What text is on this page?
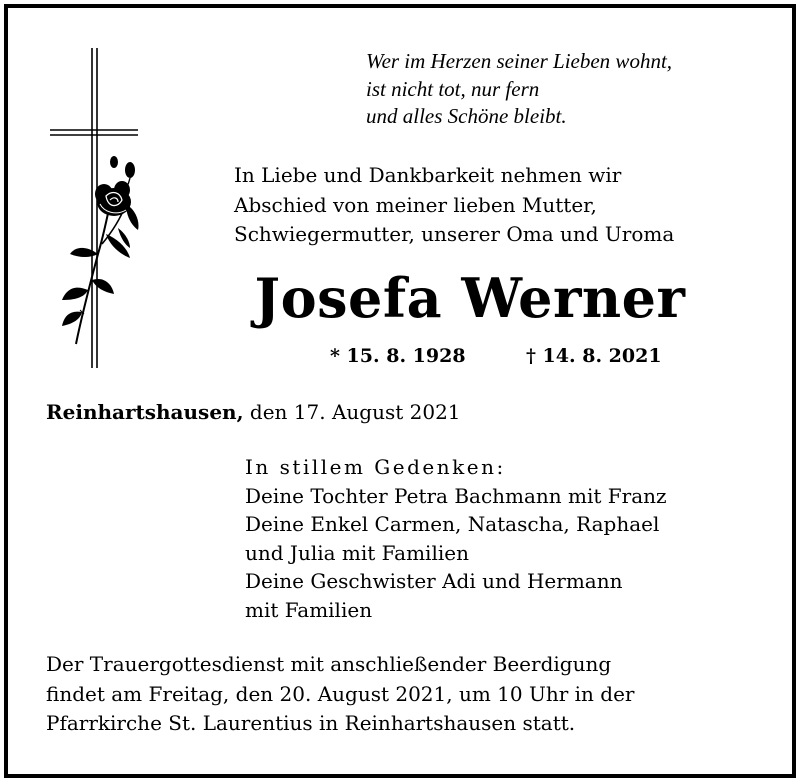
Wer im Herzen seiner Lieben wohnt,
ist nicht tot, nur fern
und alles Schöne bleibt.
In Liebe und Dankbarkeit nehmen wir
Abschied von meiner lieben Mutter,
Schwiegermutter, unserer Oma und Uroma
Josefa Werner
* 15. 8. 1928	† 14. 8. 2021
Reinhartshausen, den 17. August 2021
In stillem Gedenken:
Deine Tochter Petra Bachmann mit Franz
Deine Enkel Carmen, Natascha, Raphael
und Julia mit Familien
Deine Geschwister Adi und Hermann
mit Familien
Der Trauergottesdienst mit anschließender Beerdigung
findet am Freitag, den 20. August 2021, um 10 Uhr in der
Pfarrkirche St. Laurentius in Reinhartshausen statt.
